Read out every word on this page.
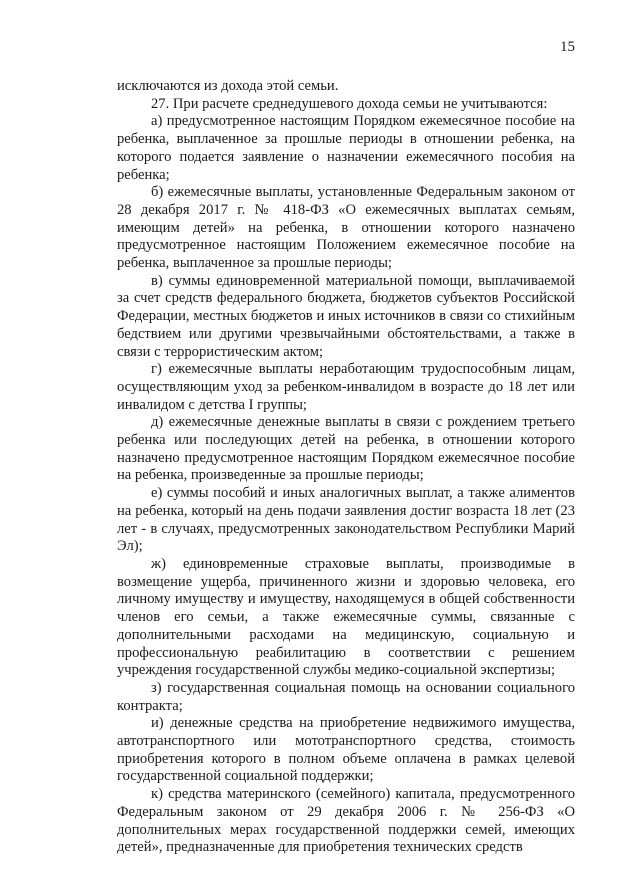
15

исключаются из дохода этой семьи.

27. При расчете среднедушевого дохода семьи не учитываются:

а) предусмотренное настоящим Порядком ежемесячное пособие на ребенка, выплаченное за прошлые периоды в отношении ребенка, на которого подается заявление о назначении ежемесячного пособия на ребенка;

б) ежемесячные выплаты, установленные Федеральным законом от 28 декабря 2017 г. № 418-ФЗ «О ежемесячных выплатах семьям, имеющим детей» на ребенка, в отношении которого назначено предусмотренное настоящим Положением ежемесячное пособие на ребенка, выплаченное за прошлые периоды;

в) суммы единовременной материальной помощи, выплачиваемой за счет средств федерального бюджета, бюджетов субъектов Российской Федерации, местных бюджетов и иных источников в связи со стихийным бедствием или другими чрезвычайными обстоятельствами, а также в связи с террористическим актом;

г) ежемесячные выплаты неработающим трудоспособным лицам, осуществляющим уход за ребенком-инвалидом в возрасте до 18 лет или инвалидом с детства I группы;

д) ежемесячные денежные выплаты в связи с рождением третьего ребенка или последующих детей на ребенка, в отношении которого назначено предусмотренное настоящим Порядком ежемесячное пособие на ребенка, произведенные за прошлые периоды;

е) суммы пособий и иных аналогичных выплат, а также алиментов на ребенка, который на день подачи заявления достиг возраста 18 лет (23 лет - в случаях, предусмотренных законодательством Республики Марий Эл);

ж) единовременные страховые выплаты, производимые в возмещение ущерба, причиненного жизни и здоровью человека, его личному имуществу и имуществу, находящемуся в общей собственности членов его семьи, а также ежемесячные суммы, связанные с дополнительными расходами на медицинскую, социальную и профессиональную реабилитацию в соответствии с решением учреждения государственной службы медико-социальной экспертизы;

з) государственная социальная помощь на основании социального контракта;

и) денежные средства на приобретение недвижимого имущества, автотранспортного или мототранспортного средства, стоимость приобретения которого в полном объеме оплачена в рамках целевой государственной социальной поддержки;

к) средства материнского (семейного) капитала, предусмотренного Федеральным законом от 29 декабря 2006 г. № 256-ФЗ «О дополнительных мерах государственной поддержки семей, имеющих детей», предназначенные для приобретения технических средств
